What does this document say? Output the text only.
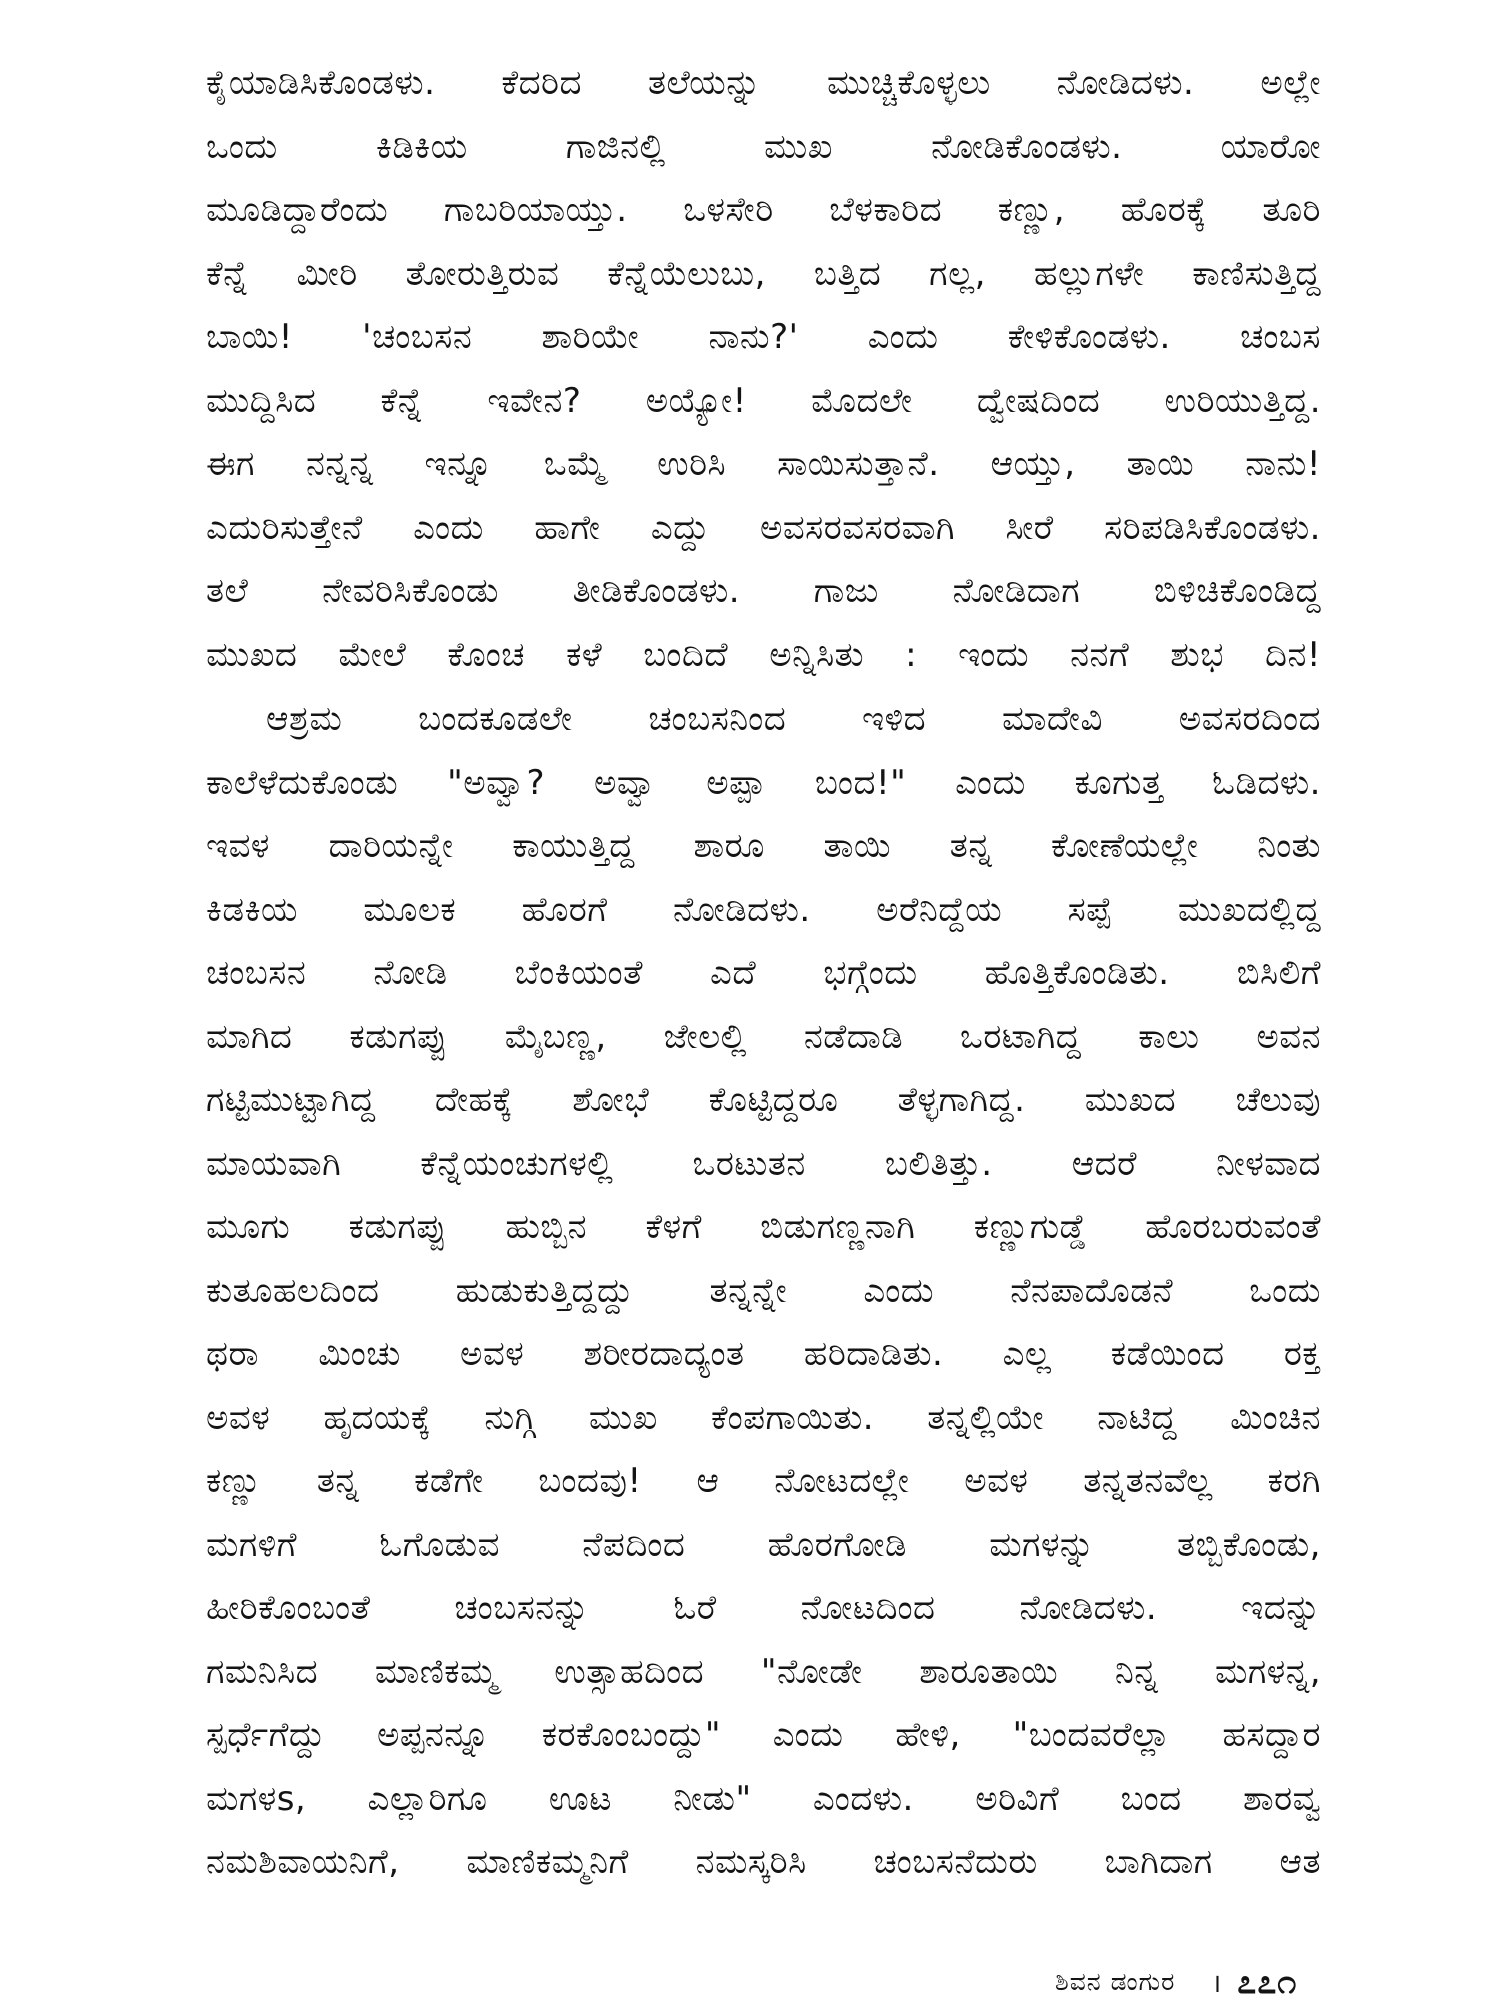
ಕೈಯಾಡಿಸಿಕೊಂಡಳು. ಕೆದರಿದ ತಲೆಯನ್ನು ಮುಚ್ಚಿಕೊಳ್ಳಲು ನೋಡಿದಳು. ಅಲ್ಲೇ
ಒಂದು ಕಿಡಿಕಿಯ ಗಾಜಿನಲ್ಲಿ ಮುಖ ನೋಡಿಕೊಂಡಳು. ಯಾರೋ
ಮೂಡಿದ್ದಾರೆಂದು ಗಾಬರಿಯಾಯ್ತು. ಒಳಸೇರಿ ಬೆಳಕಾರಿದ ಕಣ್ಣು, ಹೊರಕ್ಕೆ ತೂರಿ
ಕೆನ್ನೆ ಮೀರಿ ತೋರುತ್ತಿರುವ ಕೆನ್ನೆಯೆಲುಬು, ಬತ್ತಿದ ಗಲ್ಲ, ಹಲ್ಲುಗಳೇ ಕಾಣಿಸುತ್ತಿದ್ದ
ಬಾಯಿ! 'ಚಂಬಸನ ಶಾರಿಯೇ ನಾನು?' ಎಂದು ಕೇಳಿಕೊಂಡಳು. ಚಂಬಸ
ಮುದ್ದಿಸಿದ ಕೆನ್ನೆ ಇವೇನ? ಅಯ್ಯೋ! ಮೊದಲೇ ದ್ವೇಷದಿಂದ ಉರಿಯುತ್ತಿದ್ದ.
ಈಗ ನನ್ನನ್ನ ಇನ್ನೂ ಒಮ್ಮೆ ಉರಿಸಿ ಸಾಯಿಸುತ್ತಾನೆ. ಆಯ್ತು, ತಾಯಿ ನಾನು!
ಎದುರಿಸುತ್ತೇನೆ ಎಂದು ಹಾಗೇ ಎದ್ದು ಅವಸರವಸರವಾಗಿ ಸೀರೆ ಸರಿಪಡಿಸಿಕೊಂಡಳು.
ತಲೆ ನೇವರಿಸಿಕೊಂಡು ತೀಡಿಕೊಂಡಳು. ಗಾಜು ನೋಡಿದಾಗ ಬಿಳಿಚಿಕೊಂಡಿದ್ದ
ಮುಖದ ಮೇಲೆ ಕೊಂಚ ಕಳೆ ಬಂದಿದೆ ಅನ್ನಿಸಿತು : ಇಂದು ನನಗೆ ಶುಭ ದಿನ!
ಆಶ್ರಮ ಬಂದಕೂಡಲೇ ಚಂಬಸನಿಂದ ಇಳಿದ ಮಾದೇವಿ ಅವಸರದಿಂದ
ಕಾಲೆಳೆದುಕೊಂಡು "ಅವ್ವಾ? ಅವ್ವಾ ಅಪ್ಪಾ ಬಂದ!" ಎಂದು ಕೂಗುತ್ತ ಓಡಿದಳು.
ಇವಳ ದಾರಿಯನ್ನೇ ಕಾಯುತ್ತಿದ್ದ ಶಾರೂ ತಾಯಿ ತನ್ನ ಕೋಣೆಯಲ್ಲೇ ನಿಂತು
ಕಿಡಕಿಯ ಮೂಲಕ ಹೊರಗೆ ನೋಡಿದಳು. ಅರೆನಿದ್ದೆಯ ಸಪ್ಪೆ ಮುಖದಲ್ಲಿದ್ದ
ಚಂಬಸನ ನೋಡಿ ಬೆಂಕಿಯಂತೆ ಎದೆ ಭಗ್ಗೆಂದು ಹೊತ್ತಿಕೊಂಡಿತು. ಬಿಸಿಲಿಗೆ
ಮಾಗಿದ ಕಡುಗಪ್ಪು ಮೈಬಣ್ಣ, ಜೇಲಲ್ಲಿ ನಡೆದಾಡಿ ಒರಟಾಗಿದ್ದ ಕಾಲು ಅವನ
ಗಟ್ಟಿಮುಟ್ಟಾಗಿದ್ದ ದೇಹಕ್ಕೆ ಶೋಭೆ ಕೊಟ್ಟಿದ್ದರೂ ತೆಳ್ಳಗಾಗಿದ್ದ. ಮುಖದ ಚೆಲುವು
ಮಾಯವಾಗಿ ಕೆನ್ನೆಯಂಚುಗಳಲ್ಲಿ ಒರಟುತನ ಬಲಿತಿತ್ತು. ಆದರೆ ನೀಳವಾದ
ಮೂಗು ಕಡುಗಪ್ಪು ಹುಬ್ಬಿನ ಕೆಳಗೆ ಬಿಡುಗಣ್ಣನಾಗಿ ಕಣ್ಣುಗುಡ್ಡೆ ಹೊರಬರುವಂತೆ
ಕುತೂಹಲದಿಂದ ಹುಡುಕುತ್ತಿದ್ದದ್ದು ತನ್ನನ್ನೇ ಎಂದು ನೆನಪಾದೊಡನೆ ಒಂದು
ಥರಾ ಮಿಂಚು ಅವಳ ಶರೀರದಾದ್ಯಂತ ಹರಿದಾಡಿತು. ಎಲ್ಲ ಕಡೆಯಿಂದ ರಕ್ತ
ಅವಳ ಹೃದಯಕ್ಕೆ ನುಗ್ಗಿ ಮುಖ ಕೆಂಪಗಾಯಿತು. ತನ್ನಲ್ಲಿಯೇ ನಾಟಿದ್ದ ಮಿಂಚಿನ
ಕಣ್ಣು ತನ್ನ ಕಡೆಗೇ ಬಂದವು! ಆ ನೋಟದಲ್ಲೇ ಅವಳ ತನ್ನತನವೆಲ್ಲ ಕರಗಿ
ಮಗಳಿಗೆ ಓಗೊಡುವ ನೆಪದಿಂದ ಹೊರಗೋಡಿ ಮಗಳನ್ನು ತಬ್ಬಿಕೊಂಡು,
ಹೀರಿಕೊಂಬಂತೆ ಚಂಬಸನನ್ನು ಓರೆ ನೋಟದಿಂದ ನೋಡಿದಳು. ಇದನ್ನು
ಗಮನಿಸಿದ ಮಾಣಿಕಮ್ಮ ಉತ್ಸಾಹದಿಂದ "ನೋಡೇ ಶಾರೂತಾಯಿ ನಿನ್ನ ಮಗಳನ್ನ,
ಸ್ಪರ್ಧೆಗೆದ್ದು ಅಪ್ಪನನ್ನೂ ಕರಕೊಂಬಂದ್ದು" ಎಂದು ಹೇಳಿ, "ಬಂದವರೆಲ್ಲಾ ಹಸದ್ದಾರ
ಮಗಳs, ಎಲ್ಲಾರಿಗೂ ಊಟ ನೀಡು" ಎಂದಳು. ಅರಿವಿಗೆ ಬಂದ ಶಾರವ್ವ
ನಮಶಿವಾಯನಿಗೆ, ಮಾಣಿಕಮ್ಮನಿಗೆ ನಮಸ್ಕರಿಸಿ ಚಂಬಸನೆದುರು ಬಾಗಿದಾಗ ಆತ
ಶಿವನ ಡಂಗುರ । ೭೭೧
